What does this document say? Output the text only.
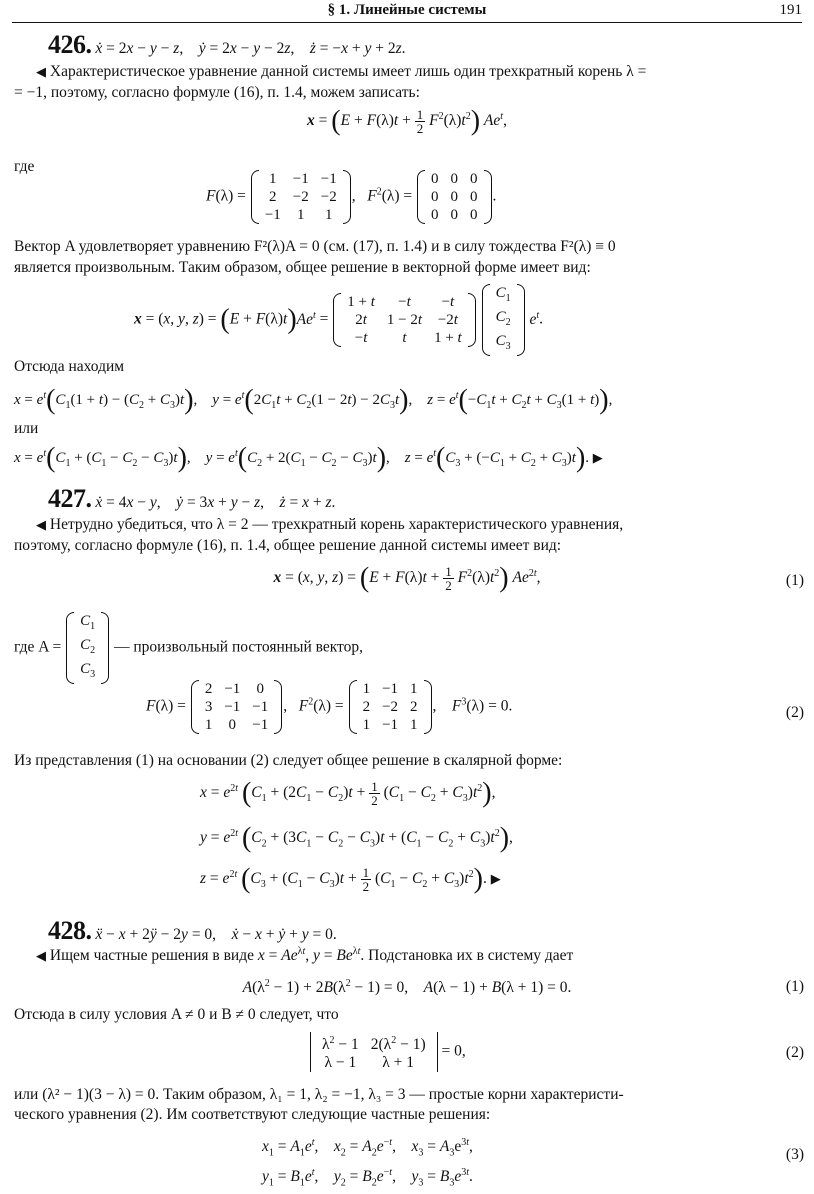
§ 1. Линейные системы	191
426. ẋ = 2x − y − z,    ẏ = 2x − y − 2z,    ż = −x + y + 2z.
◀ Характеристическое уравнение данной системы имеет лишь один трехкратный корень λ =
= −1, поэтому, согласно формуле (16), п. 1.4, можем записать:
$x = (E + F(\lambda)t + \frac{1}{2} F^2(\lambda)t^2)$ Ae$^t$,
где
F(λ) =
1	−1	−1
2	−2	−2
−1	1	1
,   $F^2(\lambda)$ =
0	0	0
0	0	0
0	0	0
.
Вектор A удовлетворяет уравнению F²(λ)A = 0 (см. (17), п. 1.4) и в силу тождества F²(λ) ≡ 0
является произвольным. Таким образом, общее решение в векторной форме имеет вид:
x = (x, y, $z) = (E + F(\lambda)t)Ae^t$ =
1 + t	−t	−t
2t	1 − 2t	−2t
−t	t	1 + t

$C_1$
$C_2$
$C_3$
$e^t$.
Отсюда находим
$x = e^t(C_1(1 + t) - (C_2 + C_3)t)$,    $y = e^t(2C_1t + C_2(1 - 2t) - 2C_3t)$,    $z = e^t(-C_1t + C_2t + C_3(1 + t))$,
или
$x = e^t(C_1 + (C_1 - C_2 - C_3)t)$,    $y = e^t(C_2 + 2(C_1 - C_2 - C_3)t)$,    $z = e^t(C_3 + (-C_1 + C_2 + C_3)t)$. ▶
427. ẋ = 4x − y,    ẏ = 3x + y − z,    ż = x + z.
◀ Нетрудно убедиться, что λ = 2 — трехкратный корень характеристического уравнения,
поэтому, согласно формуле (16), п. 1.4, общее решение данной системы имеет вид:
x = (x, y, $z) = (E + F(\lambda)t + \frac{1}{2} F^2(\lambda)t^2)$ $Ae^{2t}$,	(1)
где A =
$C_1$
$C_2$
$C_3$
— произвольный постоянный вектор,
F(λ) =
2	−1	0
3	−1	−1
1	0	−1
,   $F^2(\lambda)$ =
1	−1	1
2	−2	2
1	−1	1
,    $F^3(\lambda) = 0$.	(2)
Из представления (1) на основании (2) следует общее решение в скалярной форме:
$x = e^{2t}$ $(C_1 + (2C_1 - C_2)t + \frac{1}{2} (C_1 - C_2 + C_3)t^2)$,
$y = e^{2t}$ $(C_2 + (3C_1 - C_2 - C_3)t + (C_1 - C_2 + C_3)t^2)$,
$z = e^{2t}$ $(C_3 + (C_1 - C_3)t + \frac{1}{2} (C_1 - C_2 + C_3)t^2)$. ▶
428. ẍ − x + 2ÿ − 2y = 0,    ẋ − x + ẏ + y = 0.
◀ Ищем частные решения в виде $x = Ae^{\lambda t}$, $y = Be^{\lambda t}$. Подстановка их в систему дает
$A(\lambda^2 - 1) + 2B(\lambda^2 - 1) = 0$,    A(λ − 1) + B(λ + 1) = 0.	(1)
Отсюда в силу условия A ≠ 0 и B ≠ 0 следует, что
$\lambda^2 - 1$	$2(\lambda^2 - 1)$
λ − 1	λ + 1
= 0,	(2)
или (λ² − 1)(3 − λ) = 0. Таким образом, λ₁ = 1, λ₂ = −1, λ₃ = 3 — простые корни характеристи-
ческого уравнения (2). Им соответствуют следующие частные решения:
$x_1 = A_1e^t$,    $x_2 = A_2e^{-t}$,    $x_3 = A_3e^{3t}$,
$y_1 = B_1e^t$,    $y_2 = B_2e^{-t}$,    $y_3 = B_3e^{3t}$.
(3)
